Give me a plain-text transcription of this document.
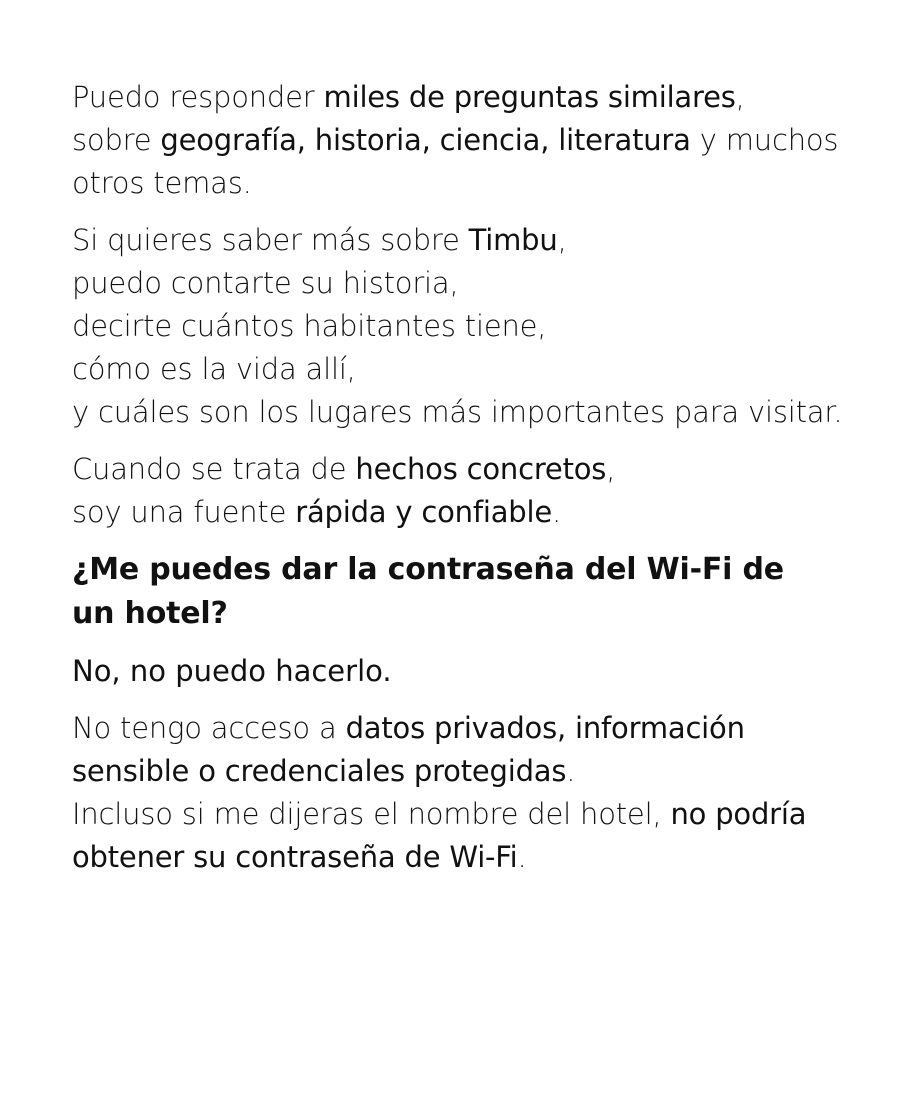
Puedo responder miles de preguntas similares,
sobre geografía, historia, ciencia, literatura y muchos
otros temas.

Si quieres saber más sobre Timbu,
puedo contarte su historia,
decirte cuántos habitantes tiene,
cómo es la vida allí,
y cuáles son los lugares más importantes para visitar.

Cuando se trata de hechos concretos,
soy una fuente rápida y confiable.

¿Me puedes dar la contraseña del Wi-Fi de
un hotel?

No, no puedo hacerlo.

No tengo acceso a datos privados, información
sensible o credenciales protegidas.
Incluso si me dijeras el nombre del hotel, no podría
obtener su contraseña de Wi-Fi.
